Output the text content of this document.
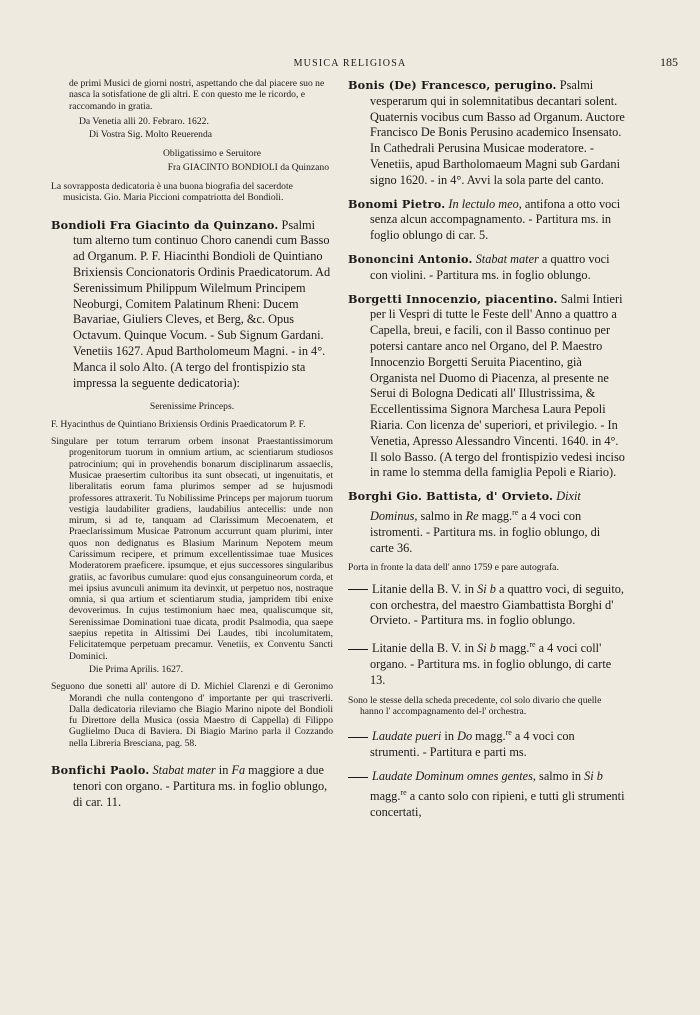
MUSICA RELIGIOSA	185

de primi Musici de giorni nostri, aspettando che dal piacere suo ne nasca la sotisfatione de gli altri. E con questo me le ricordo, e raccomando in gratia.

Da Venetia alli 20. Febraro. 1622.

Di Vostra Sig. Molto Reuerenda

Obligatissimo e Seruitore

Fra GIACINTO BONDIOLI da Quinzano

La sovrapposta dedicatoria è una buona biografia del sacerdote musicista. Gio. Maria Piccioni compatriotta del Bondioli.

Bondioli Fra Giacinto da Quinzano. Psalmi tum alterno tum continuo Choro canendi cum Basso ad Organum. P. F. Hiacinthi Bondioli de Quintiano Brixiensis Concionatoris Ordinis Praedicatorum. Ad Serenissimum Philippum Wilelmum Principem Neoburgi, Comitem Palatinum Rheni: Ducem Bavariae, Giuliers Cleves, et Berg, &c. Opus Octavum. Quinque Vocum. - Sub Signum Gardani. Venetiis 1627. Apud Bartholomeum Magni. - in 4°. Manca il solo Alto. (A tergo del frontispizio sta impressa la seguente dedicatoria):

Serenissime Princeps.

F. Hyacinthus de Quintiano Brixiensis Ordinis Praedicatorum P. F.

Singulare per totum terrarum orbem insonat Praestantissimorum progenitorum tuorum in omnium artium, ac scientiarum studiosos patrocinium; qui in provehendis bonarum disciplinarum assaeclis, Musicae praesertim cultoribus ita sunt obsecati, ut ingenuitatis, et liberalitatis eorum fama plurimos semper ad se hujusmodi professores attraxerit. Tu Nobilissime Princeps per majorum tuorum vestigia laudabiliter gradiens, laudabilius antecellis: unde non mirum, si ad te, tanquam ad Clarissimum Mecoenatem, et Praeclarissimum Musicae Patronum accurrunt quam plurimi, inter quos non dedignatus es Blasium Marinum Nepotem meum Carissimum recipere, et primum excellentissimae tuae Musices Moderatorem praeficere. ipsumque, et ejus successores singularibus gratiis, ac favoribus cumulare: quod ejus consanguineorum corda, et mei ipsius avunculi animum ita devinxit, ut perpetuo nos, nostraque omnia, si qua artium et scientiarum studia, jampridem tibi enixe devoverimus. In cujus testimonium haec mea, qualiscumque sit, Serenissimae Dominationi tuae dicata, prodit Psalmodia, qua saepe saepius repetita in Altissimi Dei Laudes, tibi incolumitatem, Felicitatemque perpetuam precamur. Venetiis, ex Conventu Sancti Dominici.

Die Prima Aprilis. 1627.

Seguono due sonetti all' autore di D. Michiel Clarenzi e di Geronimo Morandi che nulla contengono d' importante per qui trascriverli. Dalla dedicatoria rileviamo che Biagio Marino nipote del Bondioli fu Direttore della Musica (ossia Maestro di Cappella) di Filippo Guglielmo Duca di Baviera. Di Biagio Marino parla il Cozzando nella Libreria Bresciana, pag. 58.

Bonfichi Paolo. Stabat mater in Fa maggiore a due tenori con organo. - Partitura ms. in foglio oblungo, di car. 11.
Bonis (De) Francesco, perugino. Psalmi vesperarum qui in solemnitatibus decantari solent. Quaternis vocibus cum Basso ad Organum. Auctore Francisco De Bonis Perusino academico Insensato. In Cathedrali Perusina Musicae moderatore. - Venetiis, apud Bartholomaeum Magni sub Gardani signo 1620. - in 4°. Avvi la sola parte del canto.
Bonomi Pietro. In lectulo meo, antifona a otto voci senza alcun accompagnamento. - Partitura ms. in foglio oblungo di car. 5.
Bononcini Antonio. Stabat mater a quattro voci con violini. - Partitura ms. in foglio oblungo.
Borgetti Innocenzio, piacentino. Salmi Intieri per li Vespri di tutte le Feste dell' Anno a quattro a Capella, breui, e facili, con il Basso continuo per potersi cantare anco nel Organo, del P. Maestro Innocenzio Borgetti Seruita Piacentino, già Organista nel Duomo di Piacenza, al presente ne Serui di Bologna Dedicati all' Illustrissima, & Eccellentissima Signora Marchesa Laura Pepoli Riaria. Con licenza de' superiori, et privilegio. - In Venetia, Apresso Alessandro Vincenti. 1640. in 4°. Il solo Basso. (A tergo del frontispizio vedesi inciso in rame lo stemma della famiglia Pepoli e Riario).
Borghi Gio. Battista, d' Orvieto. Dixit Dominus, salmo in Re magg.$^{re}$ a 4 voci con istromenti. - Partitura ms. in foglio oblungo, di carte 36.

Porta in fronte la data dell' anno 1759 e pare autografa.

Litanie della B. V. in Si b a quattro voci, di seguito, con orchestra, del maestro Giambattista Borghi d' Orvieto. - Partitura ms. in foglio oblungo.
Litanie della B. V. in Si b magg.$^{re}$ a 4 voci coll' organo. - Partitura ms. in foglio oblungo, di carte 13.

Sono le stesse della scheda precedente, col solo divario che quelle hanno l' accompagnamento del-l' orchestra.

Laudate pueri in Do magg.$^{re}$ a 4 voci con strumenti. - Partitura e parti ms.
Laudate Dominum omnes gentes, salmo in Si b magg.$^{re}$ a canto solo con ripieni, e tutti gli strumenti concertati,
